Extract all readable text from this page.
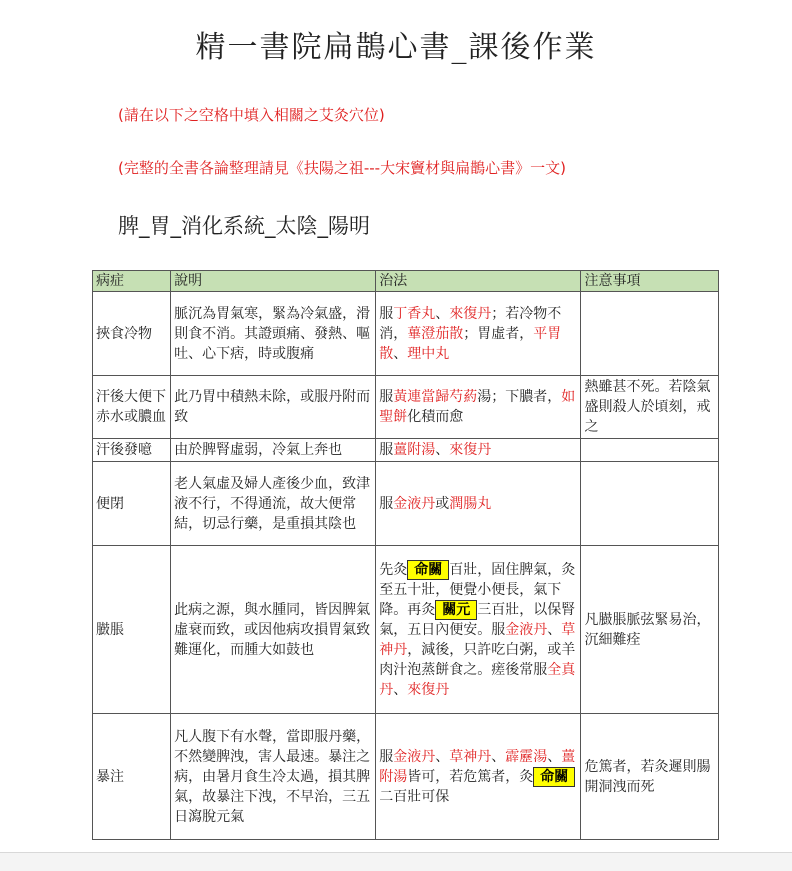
精一書院扁鵲心書_課後作業
(請在以下之空格中填入相關之艾灸穴位)
(完整的全書各論整理請見《扶陽之祖---大宋竇材與扁鵲心書》一文)
脾_胃_消化系統_太陰_陽明
病症	說明	治法	注意事項
挾食冷物	脈沉為胃氣寒，緊為冷氣盛，滑則食不消。其證頭痛、發熱、嘔吐、心下痞，時或腹痛	服丁香丸、來復丹；若冷物不消，蓽澄茄散；胃虛者，平胃散、理中丸	
汗後大便下赤水或膿血	此乃胃中積熱未除，或服丹附而致	服黃連當歸芍葯湯；下膿者，如聖餅化積而愈	熱雖甚不死。若陰氣盛則殺人於頃刻，戒之
汗後發噫	由於脾腎虛弱，冷氣上奔也	服薑附湯、來復丹	
便閉	老人氣虛及婦人產後少血，致津液不行，不得通流，故大便常結，切忌行藥，是重損其陰也	服金液丹或潤腸丸	
臌脹	此病之源，與水腫同，皆因脾氣虛衰而致，或因他病攻損胃氣致難運化，而腫大如鼓也	先灸 命關 百壯，固住脾氣，灸至五十壯，便覺小便長，氣下降。再灸 關元 三百壯，以保腎氣，五日內便安。服金液丹、草神丹，減後，只許吃白粥，或羊肉汁泡蒸餅食之。瘥後常服全真丹、來復丹	凡臌脹脈弦緊易治，沉細難痊
暴注	凡人腹下有水聲，當即服丹藥，不然變脾洩，害人最速。暴注之病，由暑月食生冷太過，損其脾氣，故暴注下洩，不早治，三五日瀉脫元氣	服金液丹、草神丹、霹靂湯、薑附湯皆可，若危篤者，灸 命關二百壯可保	危篤者，若灸遲則腸開洞洩而死
